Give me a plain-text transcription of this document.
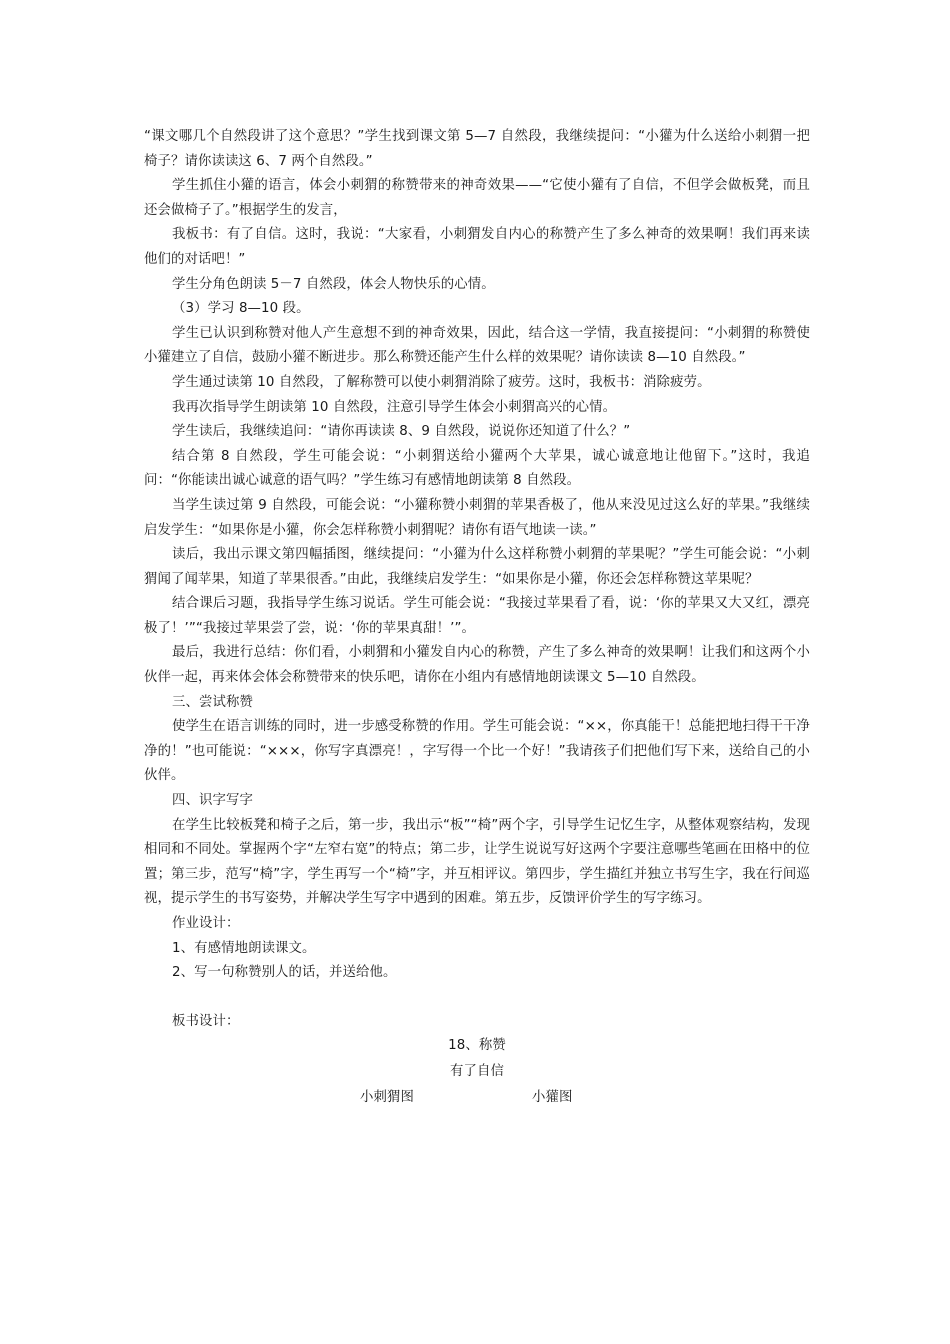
“课文哪几个自然段讲了这个意思？”学生找到课文第 5—7 自然段，我继续提问：“小獾为什么送给小刺猬一把椅子？请你读读这 6、7 两个自然段。”

学生抓住小獾的语言，体会小刺猬的称赞带来的神奇效果——“它使小獾有了自信，不但学会做板凳，而且还会做椅子了。”根据学生的发言，

我板书：有了自信。这时，我说：“大家看，小刺猬发自内心的称赞产生了多么神奇的效果啊！我们再来读他们的对话吧！”

学生分角色朗读 5－7 自然段，体会人物快乐的心情。

（3）学习 8—10 段。

学生已认识到称赞对他人产生意想不到的神奇效果，因此，结合这一学情，我直接提问：“小刺猬的称赞使小獾建立了自信，鼓励小獾不断进步。那么称赞还能产生什么样的效果呢？请你读读 8—10 自然段。”

学生通过读第 10 自然段，了解称赞可以使小刺猬消除了疲劳。这时，我板书：消除疲劳。

我再次指导学生朗读第 10 自然段，注意引导学生体会小刺猬高兴的心情。

学生读后，我继续追问：“请你再读读 8、9 自然段，说说你还知道了什么？”

结合第 8 自然段，学生可能会说：“小刺猬送给小獾两个大苹果，诚心诚意地让他留下。”这时，我追问：“你能读出诚心诚意的语气吗？”学生练习有感情地朗读第 8 自然段。

当学生读过第 9 自然段，可能会说：“小獾称赞小刺猬的苹果香极了，他从来没见过这么好的苹果。”我继续启发学生：“如果你是小獾，你会怎样称赞小刺猬呢？请你有语气地读一读。”

读后，我出示课文第四幅插图，继续提问：“小獾为什么这样称赞小刺猬的苹果呢？”学生可能会说：“小刺猬闻了闻苹果，知道了苹果很香。”由此，我继续启发学生：“如果你是小獾，你还会怎样称赞这苹果呢？

结合课后习题，我指导学生练习说话。学生可能会说：“我接过苹果看了看，说：‘你的苹果又大又红，漂亮极了！’”“我接过苹果尝了尝，说：‘你的苹果真甜！’”。

最后，我进行总结：你们看，小刺猬和小獾发自内心的称赞，产生了多么神奇的效果啊！让我们和这两个小伙伴一起，再来体会体会称赞带来的快乐吧，请你在小组内有感情地朗读课文 5—10 自然段。

三、尝试称赞

使学生在语言训练的同时，进一步感受称赞的作用。学生可能会说：“××，你真能干！总能把地扫得干干净净的！”也可能说：“×××，你写字真漂亮！，字写得一个比一个好！”我请孩子们把他们写下来，送给自己的小伙伴。

四、识字写字

在学生比较板凳和椅子之后，第一步，我出示“板”“椅”两个字，引导学生记忆生字，从整体观察结构，发现相同和不同处。掌握两个字“左窄右宽”的特点；第二步，让学生说说写好这两个字要注意哪些笔画在田格中的位置；第三步，范写“椅”字，学生再写一个“椅”字，并互相评议。第四步，学生描红并独立书写生字，我在行间巡视，提示学生的书写姿势，并解决学生写字中遇到的困难。第五步，反馈评价学生的写字练习。

作业设计：

1、有感情地朗读课文。

2、写一句称赞别人的话，并送给他。

板书设计：

18、称赞
有了自信
小刺猬图	小獾图
